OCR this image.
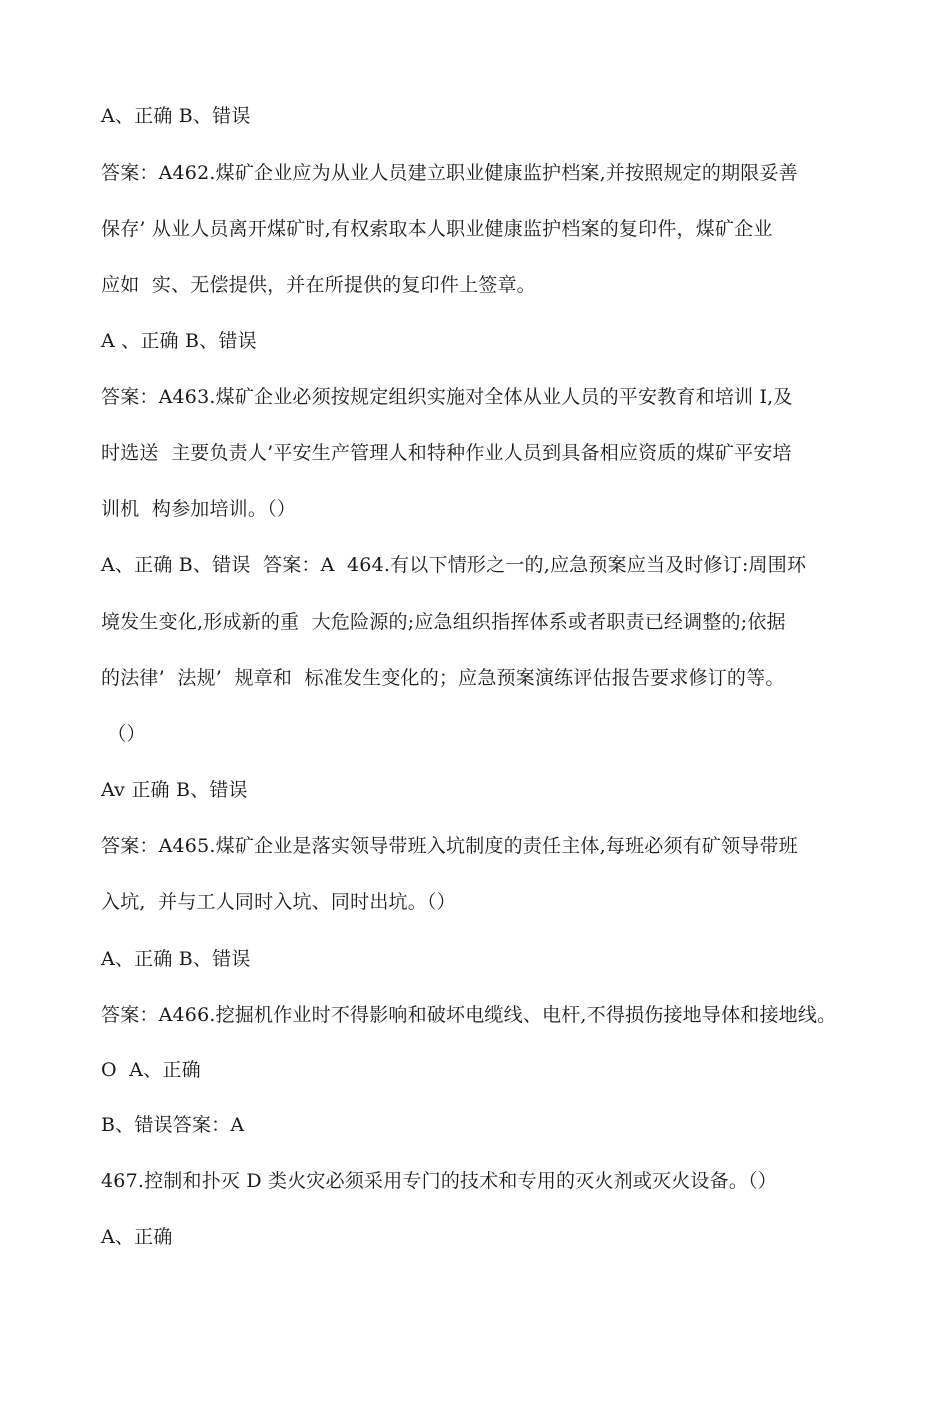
A、正确 B、错误
答案：A462.煤矿企业应为从业人员建立职业健康监护档案,并按照规定的期限妥善
保存’ 从业人员离开煤矿时,有权索取本人职业健康监护档案的复印件，煤矿企业
应如  实、无偿提供，并在所提供的复印件上签章。
A 、正确 B、错误
答案：A463.煤矿企业必须按规定组织实施对全体从业人员的平安教育和培训 I,及
时选送  主要负责人’平安生产管理人和特种作业人员到具备相应资质的煤矿平安培
训机  构参加培训。（）
A、正确 B、错误  答案：A  464.有以下情形之一的,应急预案应当及时修订:周围环
境发生变化,形成新的重  大危险源的;应急组织指挥体系或者职责已经调整的;依据
的法律’  法规’  规章和  标准发生变化的；应急预案演练评估报告要求修订的等。
（）
Av 正确 B、错误
答案：A465.煤矿企业是落实领导带班入坑制度的责任主体,每班必须有矿领导带班
入坑,  并与工人同时入坑、同时出坑。（）
A、正确 B、错误
答案：A466.挖掘机作业时不得影响和破坏电缆线、电杆,不得损伤接地导体和接地线。
O  A、正确
B、错误答案：A
467.控制和扑灭 D 类火灾必须采用专门的技术和专用的灭火剂或灭火设备。（）
A、正确
